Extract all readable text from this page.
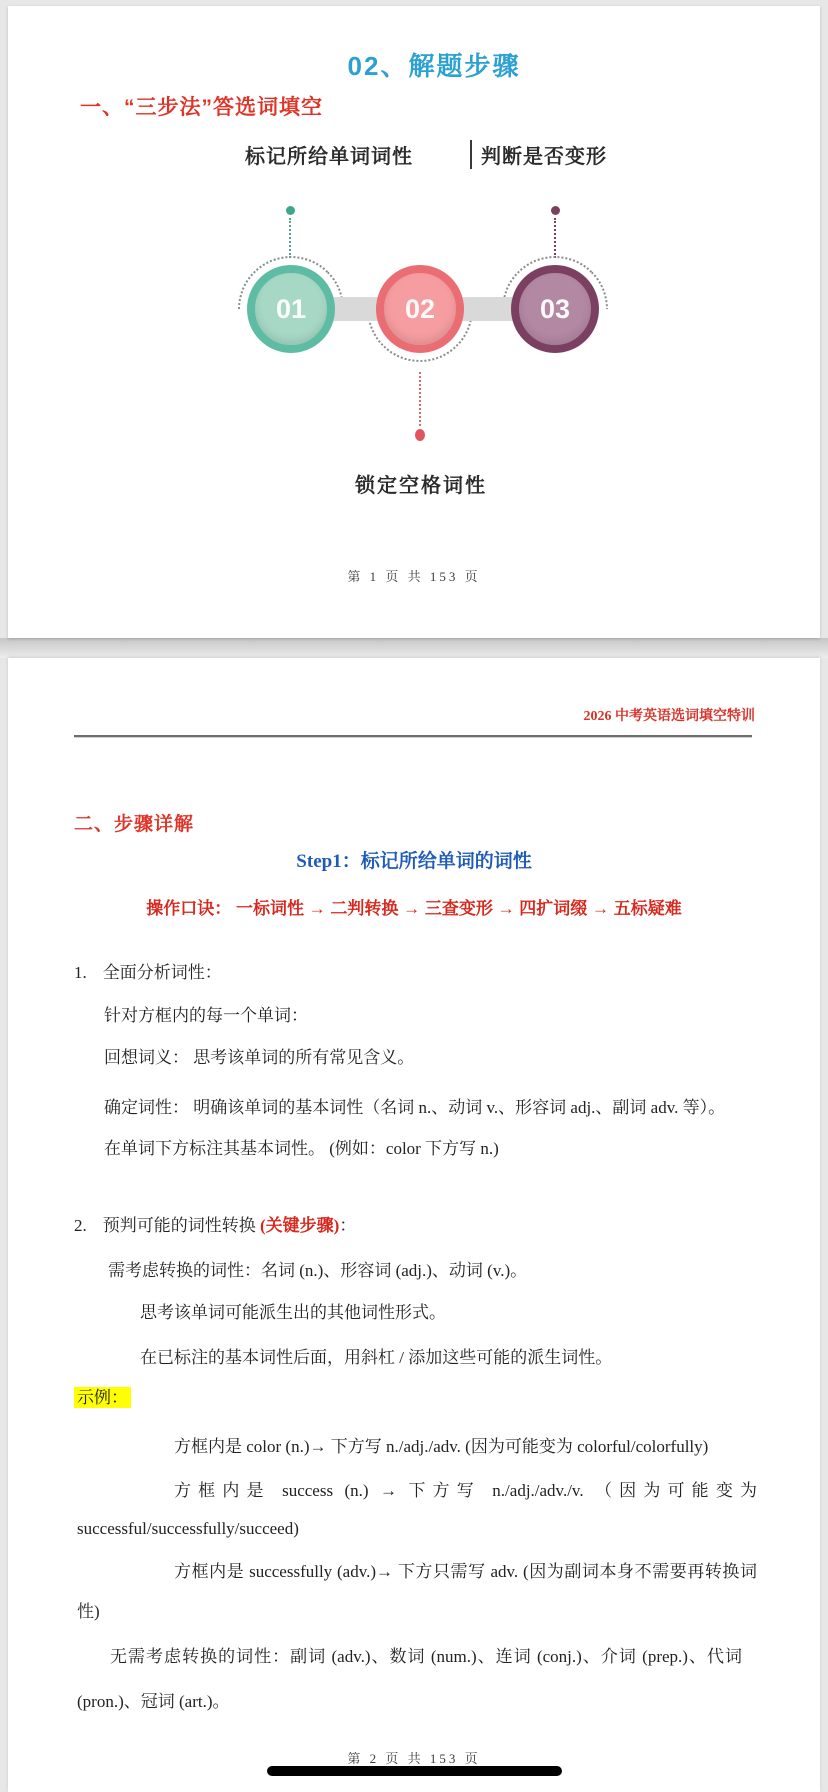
02、解题步骤
一、“三步法”答选词填空
标记所给单词词性	判断是否变形
01	02	03
锁定空格词性
第 1 页 共 153 页
2026 中考英语选词填空特训
二、步骤详解
Step1：标记所给单词的词性
操作口诀： 一标词性 → 二判转换 → 三查变形 → 四扩词缀 → 五标疑难
1. 全面分析词性：
针对方框内的每一个单词：
回想词义： 思考该单词的所有常见含义。
确定词性： 明确该单词的基本词性（名词 n.、动词 v.、形容词 adj.、副词 adv. 等）。
在单词下方标注其基本词性。 (例如：color 下方写 n.)
2. 预判可能的词性转换 (关键步骤)：
需考虑转换的词性：名词 (n.)、形容词 (adj.)、动词 (v.)。
思考该单词可能派生出的其他词性形式。
在已标注的基本词性后面，用斜杠 / 添加这些可能的派生词性。
示例：

方框内是 color (n.)→ 下方写 n./adj./adv. (因为可能变为 colorful/colorfully)

方框内是 success (n.) → 下方写 n./adj./adv./v. （因为可能变为 successful/successfully/succeed)

方框内是 successfully (adv.)→ 下方只需写 adv. (因为副词本身不需要再转换词性)

无需考虑转换的词性：副词 (adv.)、数词 (num.)、连词 (conj.)、介词 (prep.)、代词 (pron.)、冠词 (art.)。

第 2 页 共 153 页
